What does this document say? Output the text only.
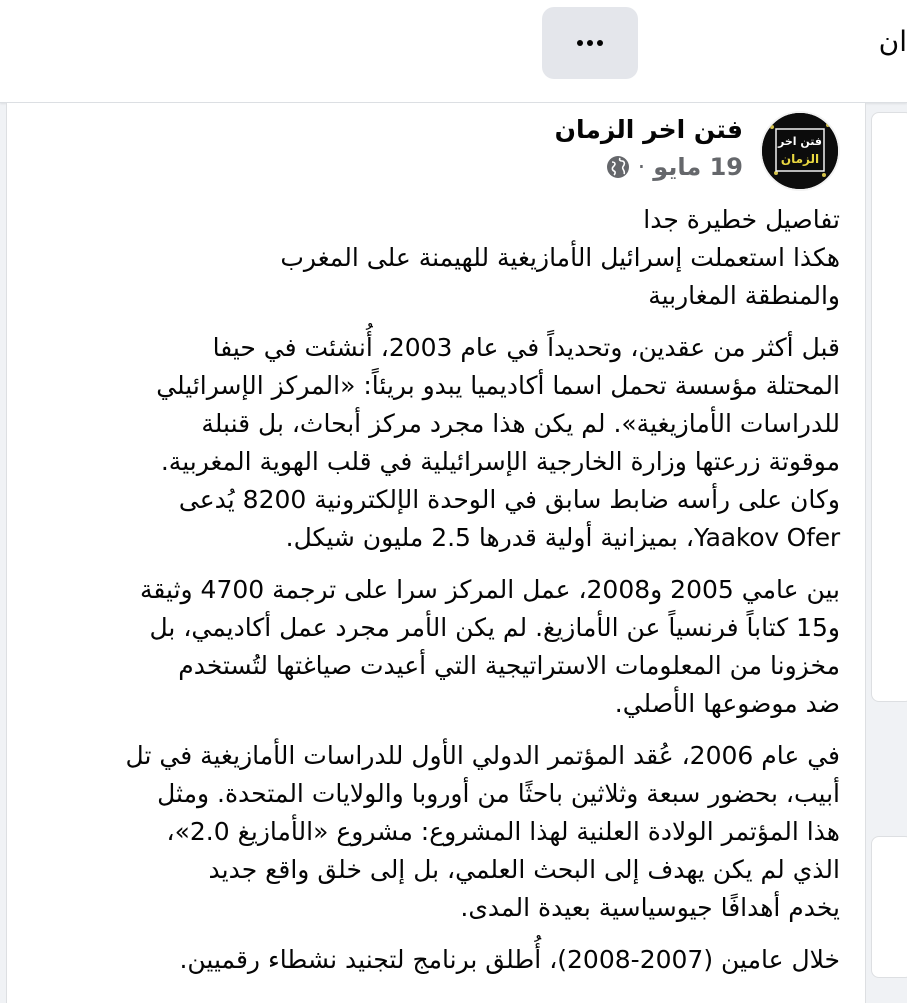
ان
فتن اخر
الزمان
فتن اخر الزمان
19 مايو
·
تفاصيل خطيرة جدا
هكذا استعملت إسرائيل الأمازيغية للهيمنة على المغرب
والمنطقة المغاربية
قبل أكثر من عقدين، وتحديداً في عام 2003، أُنشئت في حيفا
المحتلة مؤسسة تحمل اسما أكاديميا يبدو بريئاً: «المركز الإسرائيلي
للدراسات الأمازيغية». لم يكن هذا مجرد مركز أبحاث، بل قنبلة
موقوتة زرعتها وزارة الخارجية الإسرائيلية في قلب الهوية المغربية.
وكان على رأسه ضابط سابق في الوحدة الإلكترونية 8200 يُدعى
Yaakov Ofer، بميزانية أولية قدرها 2.5 مليون شيكل.
بين عامي 2005 و2008، عمل المركز سرا على ترجمة 4700 وثيقة
و15 كتاباً فرنسياً عن الأمازيغ. لم يكن الأمر مجرد عمل أكاديمي، بل
مخزونا من المعلومات الاستراتيجية التي أعيدت صياغتها لتُستخدم
ضد موضوعها الأصلي.
في عام 2006، عُقد المؤتمر الدولي الأول للدراسات الأمازيغية في تل
أبيب، بحضور سبعة وثلاثين باحثًا من أوروبا والولايات المتحدة. ومثل
هذا المؤتمر الولادة العلنية لهذا المشروع: مشروع «الأمازيغ 2.0»،
الذي لم يكن يهدف إلى البحث العلمي، بل إلى خلق واقع جديد
يخدم أهدافًا جيوسياسية بعيدة المدى.
خلال عامين (2007-2008)، أُطلق برنامج لتجنيد نشطاء رقميين.
